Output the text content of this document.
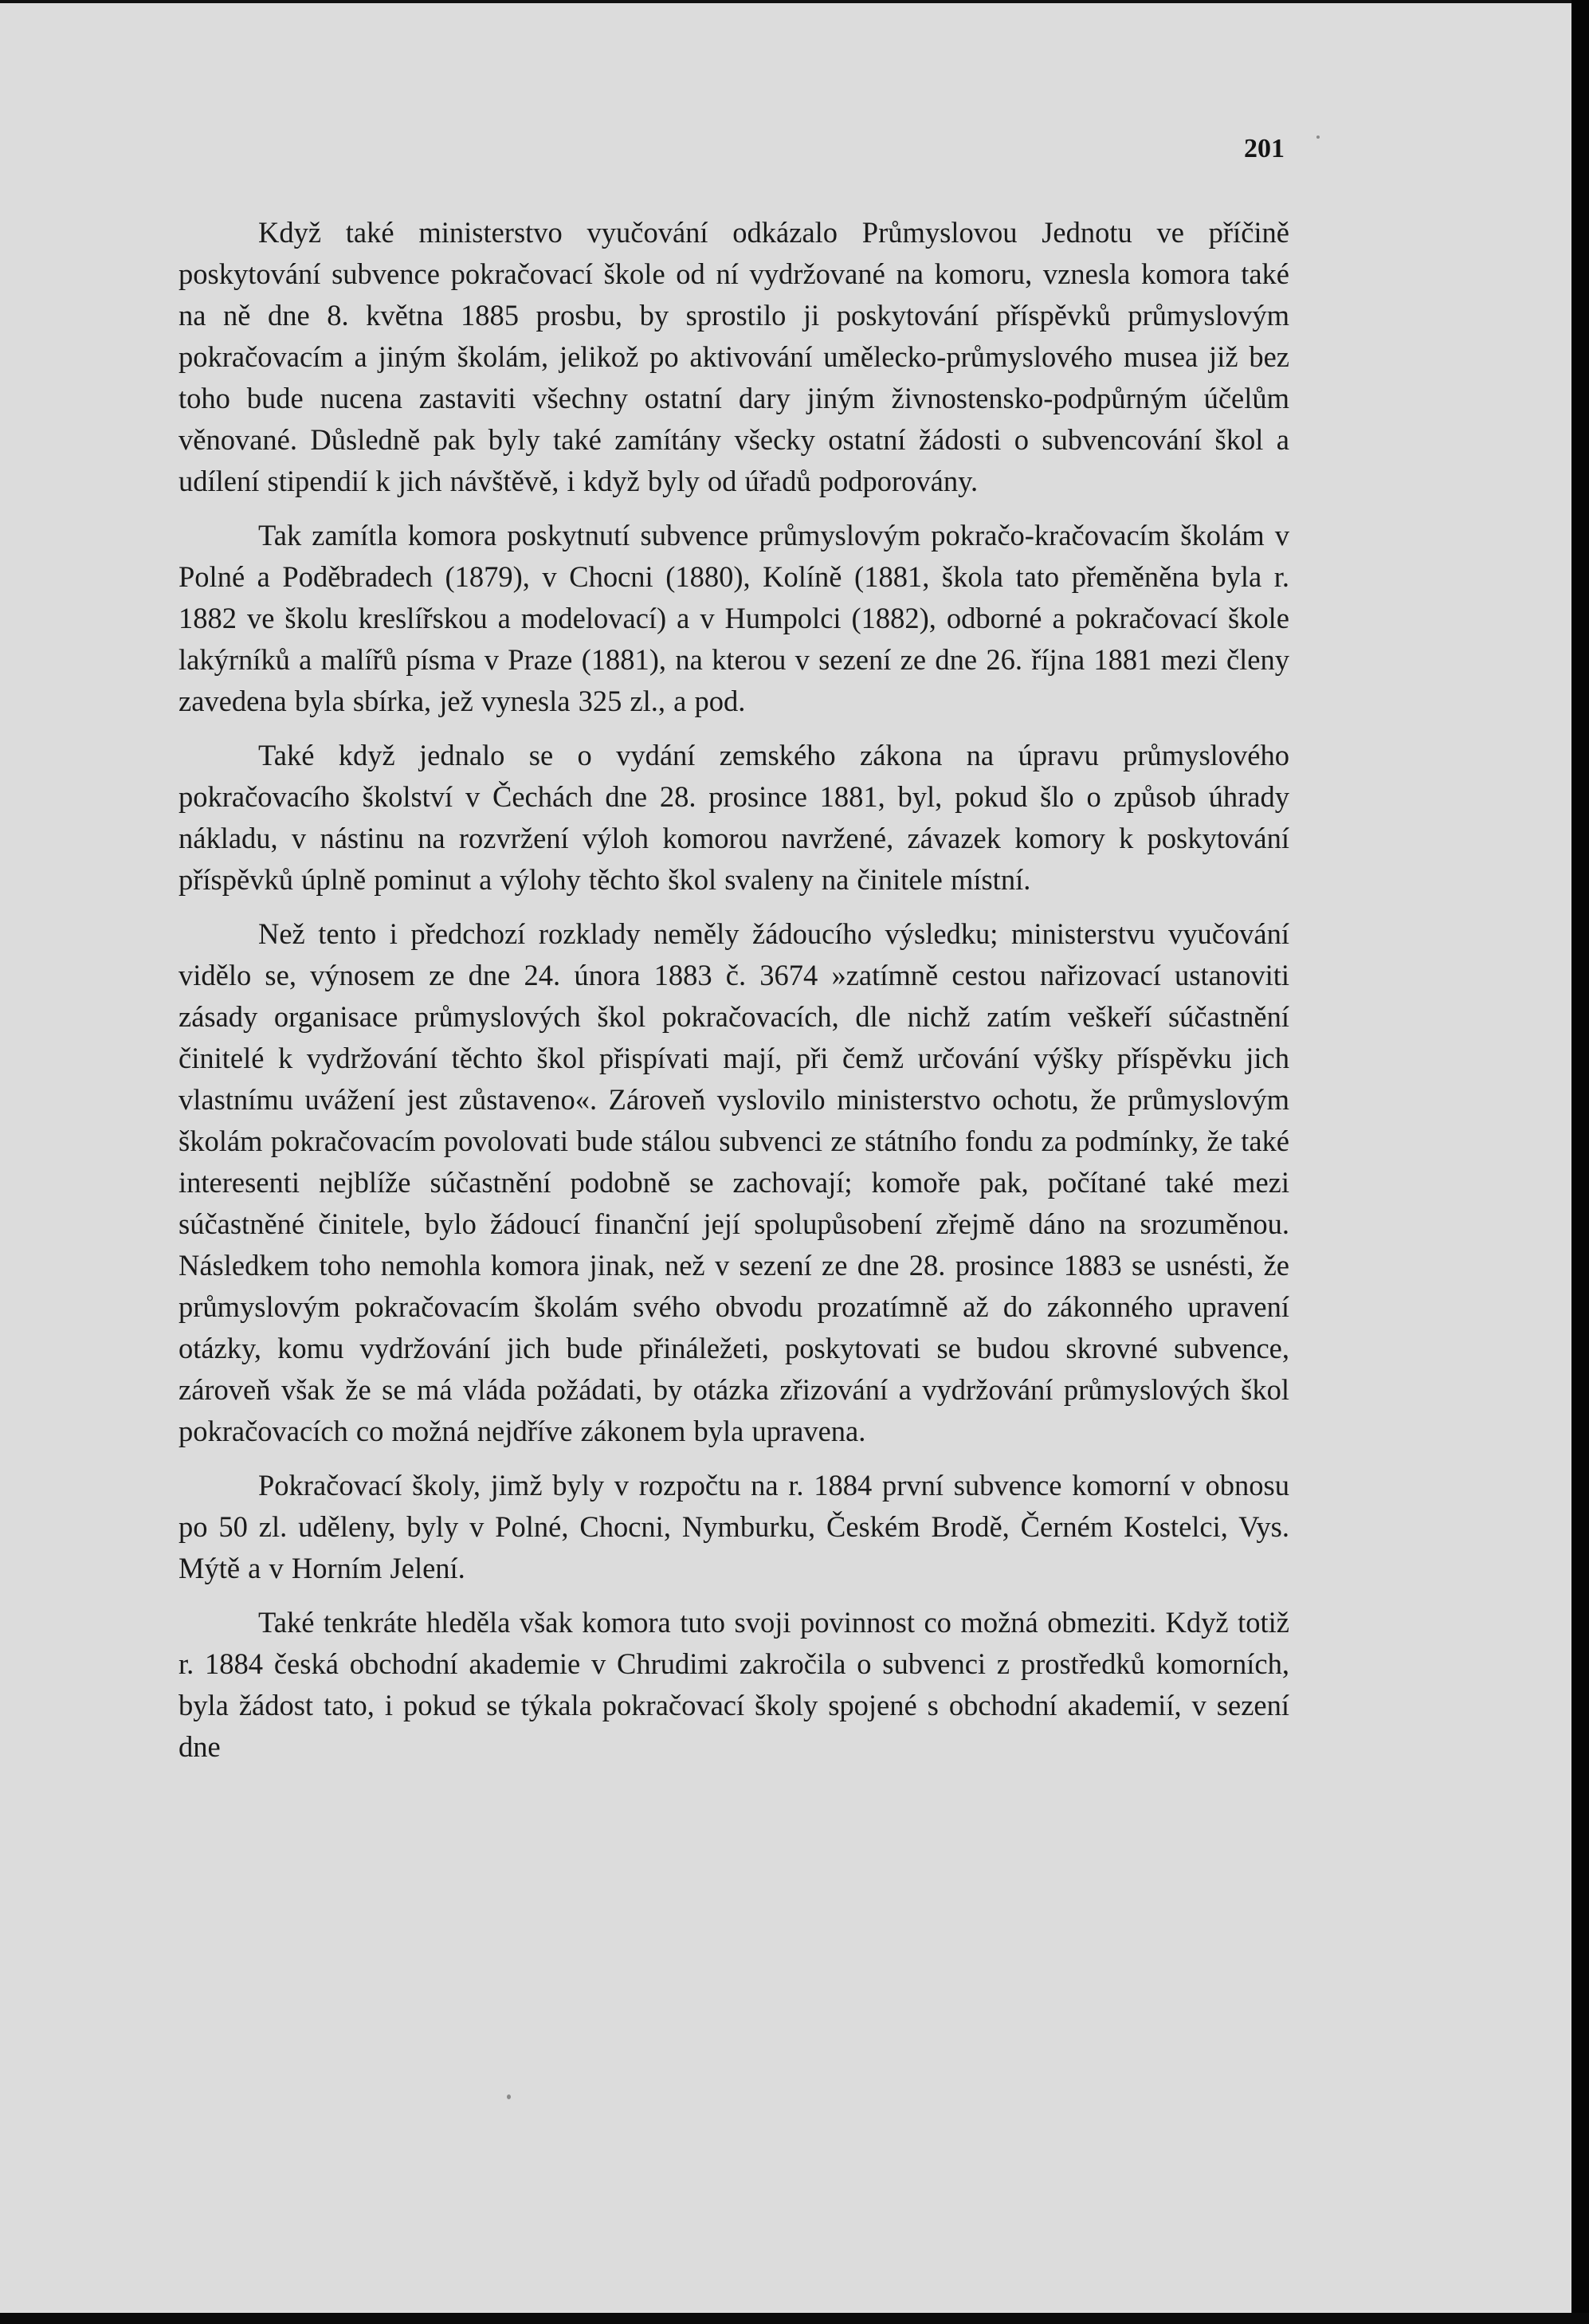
201

Když také ministerstvo vyučování odkázalo Průmyslovou Jednotu ve příčině poskytování subvence pokračovací škole od ní vydržované na komoru, vznesla komora také na ně dne 8. května 1885 prosbu, by sprostilo ji poskytování příspěvků průmyslovým pokračovacím a jiným školám, jelikož po aktivování umělecko-průmyslového musea již bez toho bude nucena zastaviti všechny ostatní dary jiným živnostensko-podpůrným účelům věnované. Důsledně pak byly také zamítány všecky ostatní žádosti o subvencování škol a udílení stipendií k jich návštěvě, i když byly od úřadů podporovány.

Tak zamítla komora poskytnutí subvence průmyslovým pokračo-kračovacím školám v Polné a Poděbradech (1879), v Chocni (1880), Kolíně (1881, škola tato přeměněna byla r. 1882 ve školu kreslířskou a modelovací) a v Humpolci (1882), odborné a pokračovací škole lakýrníků a malířů písma v Praze (1881), na kterou v sezení ze dne 26. října 1881 mezi členy zavedena byla sbírka, jež vynesla 325 zl., a pod.

Také když jednalo se o vydání zemského zákona na úpravu průmyslového pokračovacího školství v Čechách dne 28. prosince 1881, byl, pokud šlo o způsob úhrady nákladu, v nástinu na rozvržení výloh komorou navržené, závazek komory k poskytování příspěvků úplně pominut a výlohy těchto škol svaleny na činitele místní.

Než tento i předchozí rozklady neměly žádoucího výsledku; ministerstvu vyučování vidělo se, výnosem ze dne 24. února 1883 č. 3674 »zatímně cestou nařizovací ustanoviti zásady organisace průmyslových škol pokračovacích, dle nichž zatím veškeří súčastnění činitelé k vydržování těchto škol přispívati mají, při čemž určování výšky příspěvku jich vlastnímu uvážení jest zůstaveno«. Zároveň vyslovilo ministerstvo ochotu, že průmyslovým školám pokračovacím povolovati bude stálou subvenci ze státního fondu za podmínky, že také interesenti nejblíže súčastnění podobně se zachovají; komoře pak, počítané také mezi súčastněné činitele, bylo žádoucí finanční její spolupůsobení zřejmě dáno na srozuměnou. Následkem toho nemohla komora jinak, než v sezení ze dne 28. prosince 1883 se usnésti, že průmyslovým pokračovacím školám svého obvodu prozatímně až do zákonného upravení otázky, komu vydržování jich bude přináležeti, poskytovati se budou skrovné subvence, zároveň však že se má vláda požádati, by otázka zřizování a vydržování průmyslových škol pokračovacích co možná nejdříve zákonem byla upravena.

Pokračovací školy, jimž byly v rozpočtu na r. 1884 první subvence komorní v obnosu po 50 zl. uděleny, byly v Polné, Chocni, Nymburku, Českém Brodě, Černém Kostelci, Vys. Mýtě a v Horním Jelení.

Také tenkráte hleděla však komora tuto svoji povinnost co možná obmeziti. Když totiž r. 1884 česká obchodní akademie v Chrudimi zakročila o subvenci z prostředků komorních, byla žádost tato, i pokud se týkala pokračovací školy spojené s obchodní akademií, v sezení dne
